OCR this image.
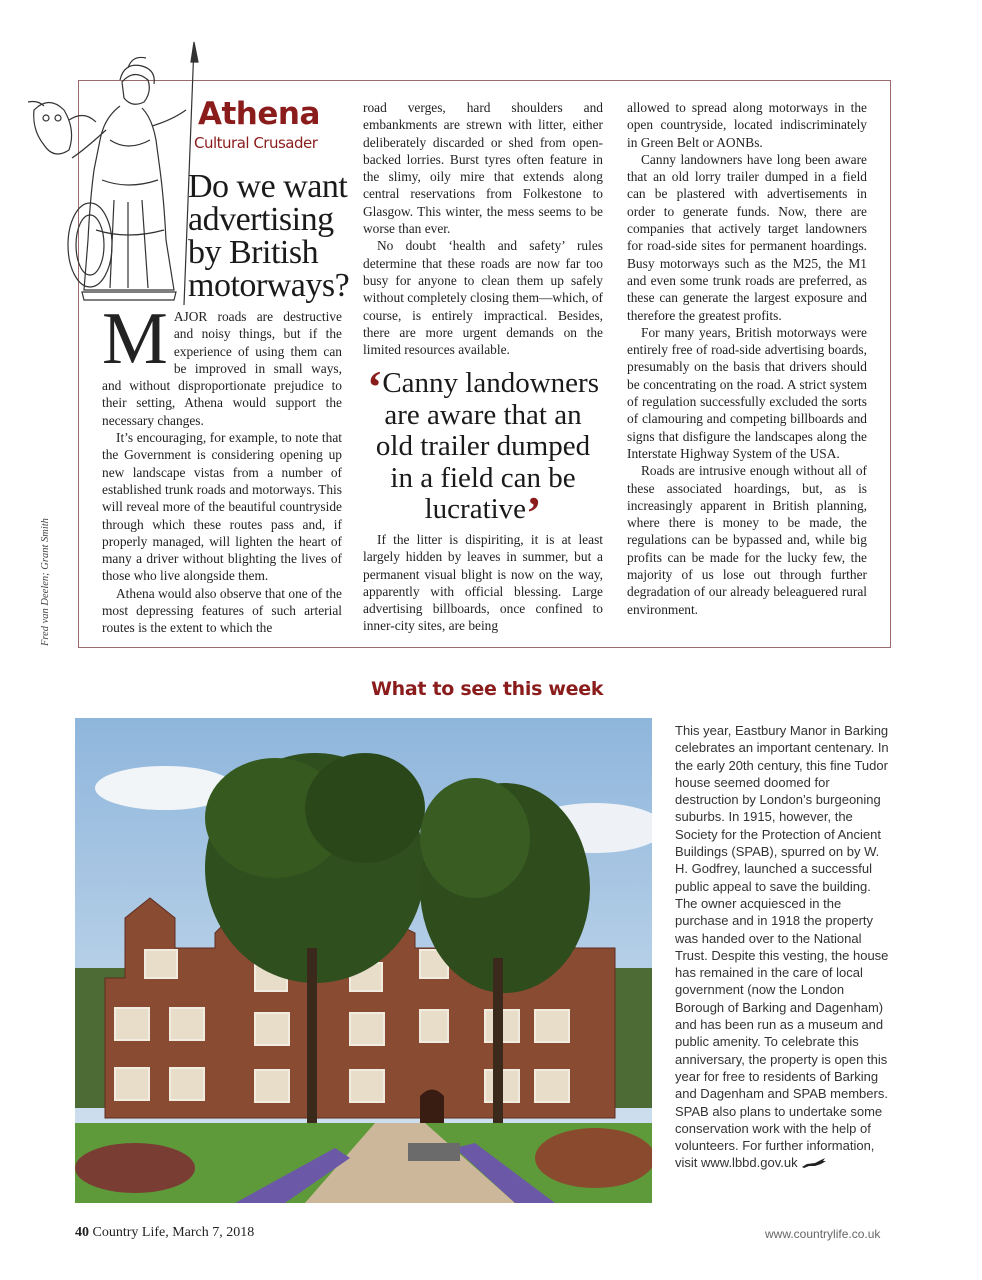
Athena
Cultural Crusader
Do we want advertising by British motorways?

MAJOR roads are destructive and noisy things, but if the experience of using them can be improved in small ways, and without disproportionate prejudice to their setting, Athena would support the necessary changes.

It’s encouraging, for example, to note that the Government is considering opening up new landscape vistas from a number of established trunk roads and motorways. This will reveal more of the beautiful countryside through which these routes pass and, if properly managed, will lighten the heart of many a driver without blighting the lives of those who live alongside them.

Athena would also observe that one of the most depressing features of such arterial routes is the extent to which the

road verges, hard shoulders and embankments are strewn with litter, either deliberately discarded or shed from open-backed lorries. Burst tyres often feature in the slimy, oily mire that extends along central reservations from Folkestone to Glasgow. This winter, the mess seems to be worse than ever.

No doubt ‘health and safety’ rules determine that these roads are now far too busy for anyone to clean them up safely without completely closing them—which, of course, is entirely impractical. Besides, there are more urgent demands on the limited resources available.

‘Canny landowners are aware that an old trailer dumped in a field can be lucrative’

If the litter is dispiriting, it is at least largely hidden by leaves in summer, but a permanent visual blight is now on the way, apparently with official blessing. Large advertising billboards, once confined to inner-city sites, are being

allowed to spread along motorways in the open countryside, located indiscriminately in Green Belt or AONBs.

Canny landowners have long been aware that an old lorry trailer dumped in a field can be plastered with advertisements in order to generate funds. Now, there are companies that actively target landowners for road-side sites for permanent hoardings. Busy motorways such as the M25, the M1 and even some trunk roads are preferred, as these can generate the largest exposure and therefore the greatest profits.

For many years, British motorways were entirely free of road-side advertising boards, presumably on the basis that drivers should be concentrating on the road. A strict system of regulation successfully excluded the sorts of clamouring and competing billboards and signs that disfigure the landscapes along the Interstate Highway System of the USA.

Roads are intrusive enough without all of these associated hoardings, but, as is increasingly apparent in British planning, where there is money to be made, the regulations can be bypassed and, while big profits can be made for the lucky few, the majority of us lose out through further degradation of our already beleaguered rural environment.

Fred van Deelen; Grant Smith
What to see this week
This year, Eastbury Manor in Barking celebrates an important centenary. In the early 20th century, this fine Tudor house seemed doomed for destruction by London’s burgeoning suburbs. In 1915, however, the Society for the Protection of Ancient Buildings (SPAB), spurred on by W. H. Godfrey, launched a successful public appeal to save the building. The owner acquiesced in the purchase and in 1918 the property was handed over to the National Trust. Despite this vesting, the house has remained in the care of local government (now the London Borough of Barking and Dagenham) and has been run as a museum and public amenity. To celebrate this anniversary, the property is open this year for free to residents of Barking and Dagenham and SPAB members. SPAB also plans to undertake some conservation work with the help of volunteers. For further information, visit www.lbbd.gov.uk
40 Country Life, March 7, 2018	www.countrylife.co.uk
